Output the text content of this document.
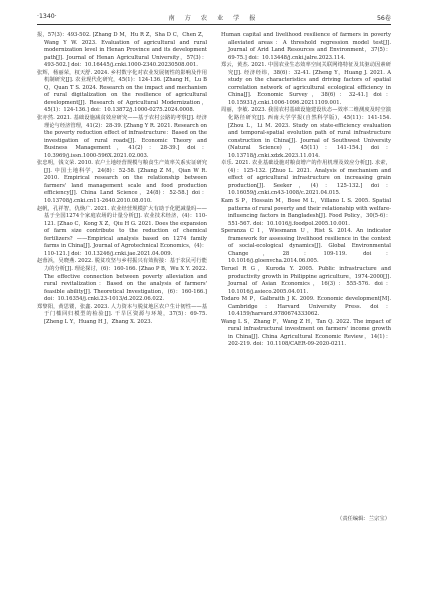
·1340·	南 方 农 业 学 报	56卷

报，57(3)：493-502. [Zhang D M，Hu R Z，Sha D C，Chen Z，Wang Y W. 2023. Evaluation of agricultural and rural modernization level in Henan Province and its development path[J]. Journal of Henan Agricultural University，57(3)：493-502.] doi：10.16445/j.cnki.1000-2340.20230508.001.

张辉，杨丽荣，权天舒. 2024. 乡村数字化对农业发展韧性的影响及作用机制研究[J]. 农业现代化研究，45(1)：124-136. [Zhang H，Lu B Q，Quan T S. 2024. Research on the impact and mechanism of rural digitalization on the resilience of agricultural development[J]. Research of Agricultural Modernization，45(1)：124-136.] doi：10.13872/j.1000-0275.2024.0008.

张亦然. 2021. 基础设施减贫效应研究——基于农村公路的考察[J]. 经济理论与经济管理，41(2)：28-39. [Zhang Y R. 2021. Research on the poverty reduction effect of infrastructure：Based on the investigation of rural roads[J]. Economic Theory and Business Management，41(2)：28-39.] doi：10.3969/j.issn.1000-596X.2021.02.003.

张忠明，钱文荣. 2010. 农户土地经营规模与粮食生产效率关系实证研究[J]. 中国土地科学，24(8)：52-58. [Zhang Z M，Qian W R. 2010. Empirical research on the relationship between farmers' land management scale and food production efficiency[J]. China Land Science，24(8)：52-58.] doi：10.13708/j.cnki.cn11-2640.2010.08.010.

赵帆，孔祥智，仇焕广. 2021. 农业经营规模扩大有助于化肥减量吗——基于全国1274个家庭农场的计量分析[J]. 农业技术经济，(4)：110-121. [Zhao C，Kong X Z，Qiu H G. 2021. Does the expansion of farm size contribute to the reduction of chemical fertilizers? ——Empirical analysis based on 1274 family farms in China[J]. Journal of Agrotechnical Economics，(4)：110-121.] doi：10.13246/j.cnki.jae.2021.04.009.

赵蓉浜，吴晓燕. 2022. 脱贫攻坚与乡村振兴有效衔接：基于农民可行能力的分析[J]. 理论探讨，(6)：160-166. [Zhao P B，Wu X Y. 2022. The effective connection between poverty alleviation and rural revitalization：Based on the analysis of farmers' feasible ability[J]. Theoretical Investigation，(6)：160-166.] doi：10.16354/j.cnki.23-1013/d.2022.06.022.

郑黎阳，黄思镂，张鑫. 2023. 人力资本与脱贫地区农户生计韧性——基于门槛回归模型的检验[J]. 干旱区资源与环境，37(5)：69-75. [Zheng L Y，Huang H J，Zhang X. 2023.

Human capital and livelihood resilience of farmers in poverty alleviated areas：A threshold regression model test[J]. Journal of Arid Land Resources and Environment，37(5)：69-75.] doi：10.13448/j.cnki.jalre.2023.114.

郑云，黄杰. 2021. 中国农业生态效率空间关联网络特征及其驱动因素研究[J]. 经济经纬，38(6)：32-41. [Zheng Y，Huang J. 2021. A study on the characteristics and driving factors of spatial correlation network of agricultural ecological efficiency in China[J]. Economic Survey，38(6)：32-41.] doi：10.15931/j.cnki.1006-1096.20211109.001.

周丽，李敏. 2023. 我国农村基础设施建设状态—效率二维测度及时空演化路径研究[J]. 西南大学学报(自然科学版)，45(11)：141-154. [Zhou L，Li M. 2023. Study on state-efficiency evaluation and temporal-spatial evolution path of rural infrastructure construction in China[J]. Journal of Southwest University (Natural Science)，45(11)：141-154.] doi：10.13718/j.cnki.xdzk.2023.11.014.

卓乐. 2021. 农业基础设施对粮食增产的作用机理及效应分析[J]. 求索，(4)：125-132. [Zhuo L. 2021. Analysis of mechanism and effect of agricultural infrastructure on increasing grain production[J]. Seeker，(4)：125-132.] doi：10.16059/j.cnki.cn43-1008/c.2021.04.015.

Kam S P，Hossain M，Bose M L，Villano L S. 2005. Spatial patterns of rural poverty and their relationship with welfare-influencing factors in Bangladesh[J]. Food Policy，30(5-6)：551-567. doi：10.1016/j.foodpol.2005.10.001.

Speranza C I，Wiesmann U，Rist S. 2014. An indicator framework for assessing livelihood resilience in the context of social-ecological dynamics[J]. Global Environmental Change，28：109-119. doi：10.1016/j.gloenvcha.2014.06.005.

Teruel R G，Kuroda Y. 2005. Public infrastructure and productivity growth in Philippine agriculture，1974-2000[J]. Journal of Asian Economics，16(3)：555-576. doi：10.1016/j.asieco.2005.04.011.

Todaro M P，Galbraith J K. 2009. Economic development[M]. Cambridge：Harvard University Press. doi：10.4159/harvard.9780674333062.

Wang L S，Zhang F，Wang Z H，Tan Q. 2022. The impact of rural infrastructural investment on farmers' income growth in China[J]. China Agricultural Economic Review，14(1)：202-219. doi：10.1108/CAER-09-2020-0211.

（责任编辑：兰宗宝）
